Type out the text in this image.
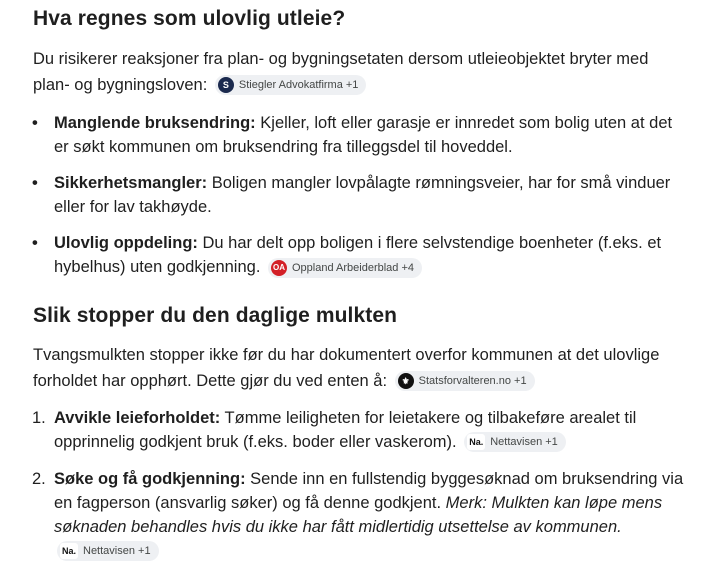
Hva regnes som ulovlig utleie?

Du risikerer reaksjoner fra plan- og bygningsetaten dersom utleieobjektet bryter med plan- og bygningsloven:	S Stiegler Advokatfirma +1

• Manglende bruksendring: Kjeller, loft eller garasje er innredet som bolig uten at det er søkt kommunen om bruksendring fra tilleggsdel til hoveddel.
• Sikkerhetsmangler: Boligen mangler lovpålagte rømningsveier, har for små vinduer eller for lav takhøyde.
• Ulovlig oppdeling: Du har delt opp boligen i flere selvstendige boenheter (f.eks. et hybelhus) uten godkjenning. OA Oppland Arbeiderblad +4
Slik stopper du den daglige mulkten

Tvangsmulkten stopper ikke før du har dokumentert overfor kommunen at det ulovlige forholdet har opphørt. Dette gjør du ved enten å:	⚜ Statsforvalteren.no +1

1. Avvikle leieforholdet: Tømme leiligheten for leietakere og tilbakeføre arealet til opprinnelig godkjent bruk (f.eks. boder eller vaskerom). Na. Nettavisen +1
2. Søke og få godkjenning: Sende inn en fullstendig byggesøknad om bruksendring via en fagperson (ansvarlig søker) og få denne godkjent. Merk: Mulkten kan løpe mens søknaden behandles hvis du ikke har fått midlertidig utsettelse av kommunen.
Na. Nettavisen +1
